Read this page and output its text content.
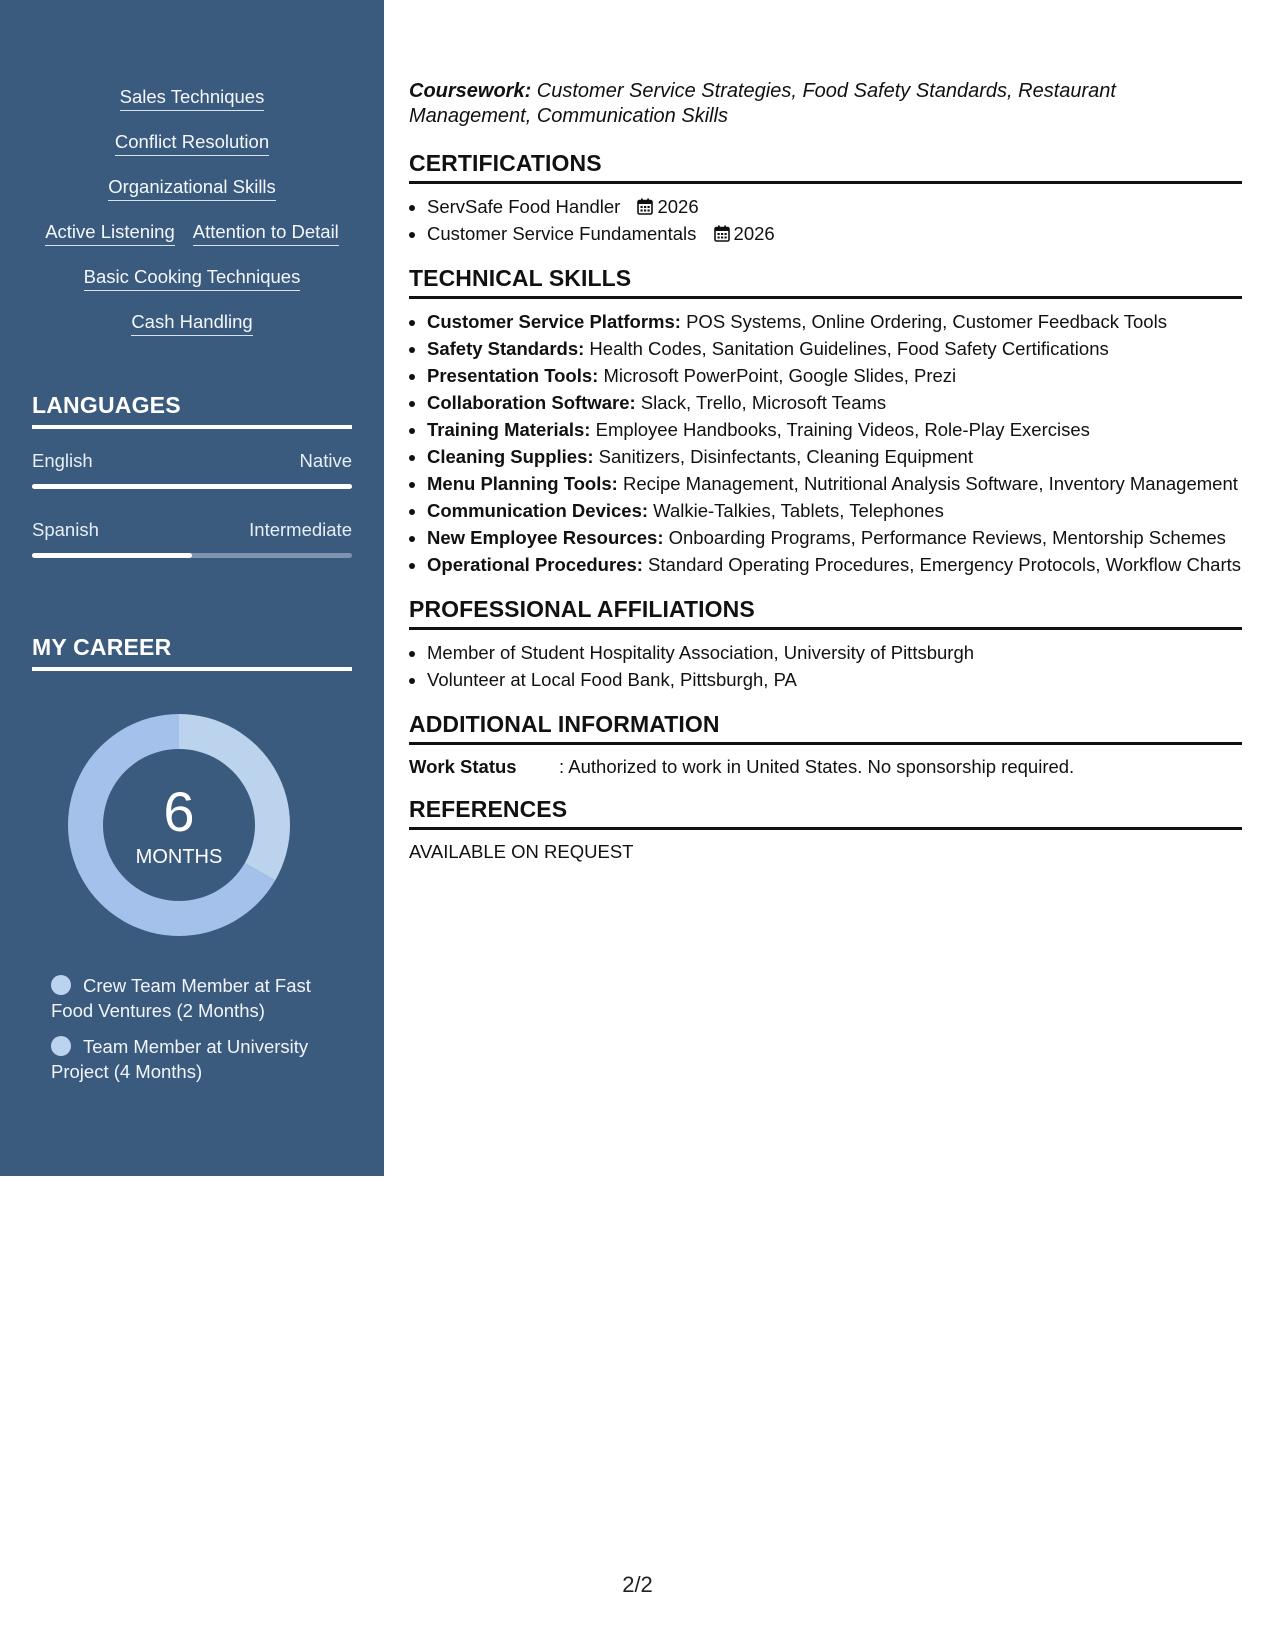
Sales Techniques
Conflict Resolution
Organizational Skills
Active Listening Attention to Detail
Basic Cooking Techniques
Cash Handling
LANGUAGES
English	Native
Spanish	Intermediate
MY CAREER
6
MONTHS
Crew Team Member at Fast Food Ventures (2 Months)
Team Member at University Project (4 Months)

Coursework: Customer Service Strategies, Food Safety Standards, Restaurant Management, Communication Skills

CERTIFICATIONS
• ServSafe Food Handler 2026
• Customer Service Fundamentals 2026
TECHNICAL SKILLS
• Customer Service Platforms: POS Systems, Online Ordering, Customer Feedback Tools
• Safety Standards: Health Codes, Sanitation Guidelines, Food Safety Certifications
• Presentation Tools: Microsoft PowerPoint, Google Slides, Prezi
• Collaboration Software: Slack, Trello, Microsoft Teams
• Training Materials: Employee Handbooks, Training Videos, Role-Play Exercises
• Cleaning Supplies: Sanitizers, Disinfectants, Cleaning Equipment
• Menu Planning Tools: Recipe Management, Nutritional Analysis Software, Inventory Management
• Communication Devices: Walkie-Talkies, Tablets, Telephones
• New Employee Resources: Onboarding Programs, Performance Reviews, Mentorship Schemes
• Operational Procedures: Standard Operating Procedures, Emergency Protocols, Workflow Charts
PROFESSIONAL AFFILIATIONS
• Member of Student Hospitality Association, University of Pittsburgh
• Volunteer at Local Food Bank, Pittsburgh, PA
ADDITIONAL INFORMATION
Work Status : Authorized to work in United States. No sponsorship required.
REFERENCES
AVAILABLE ON REQUEST
2/2
